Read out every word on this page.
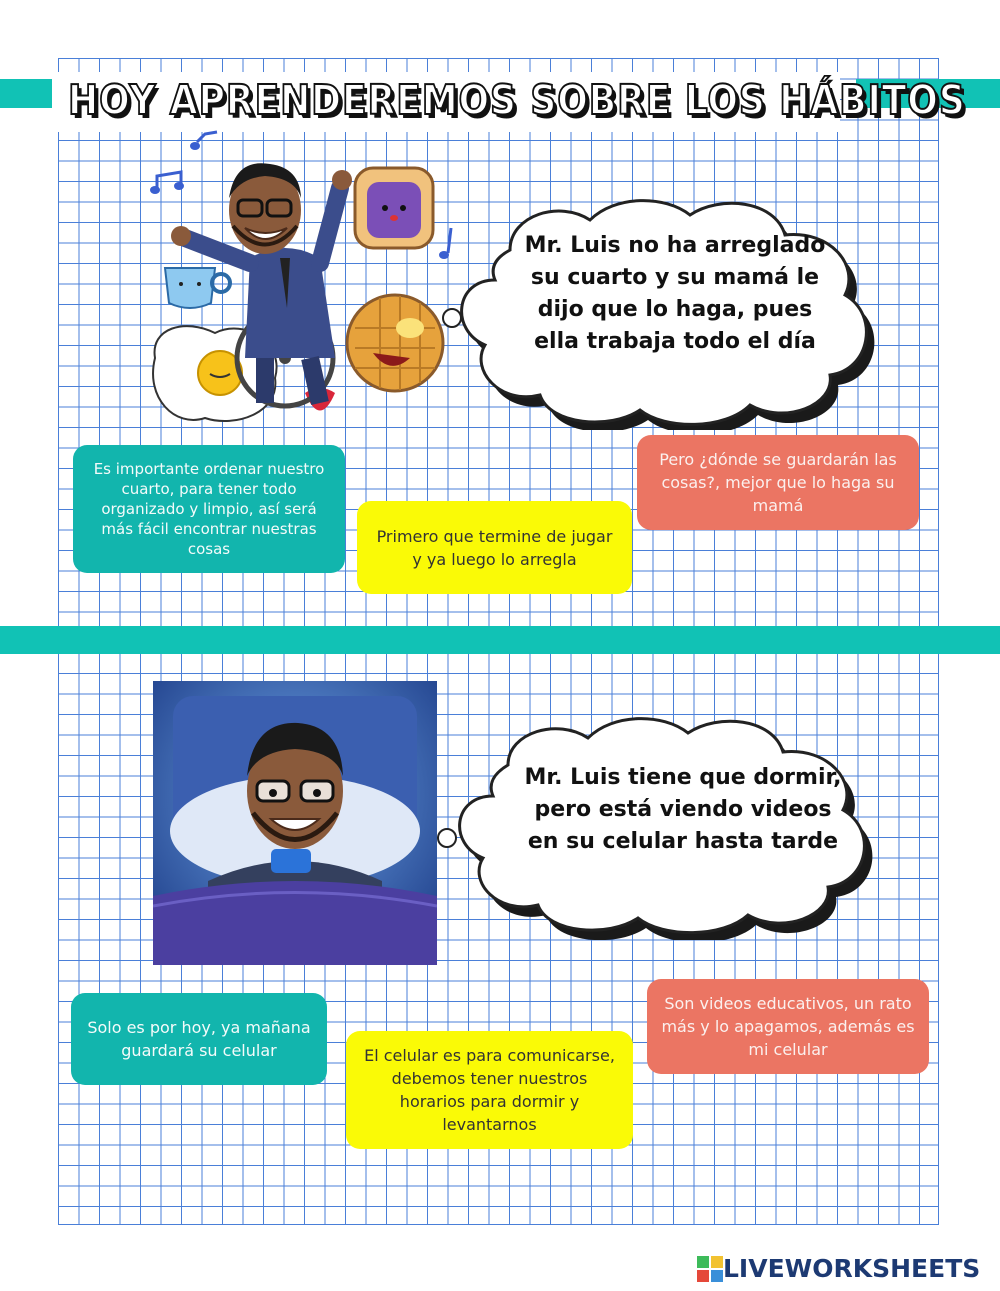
HOY APRENDEREMOS SOBRE LOS HÁBITOS
Mr. Luis no ha arreglado
su cuarto y su mamá le
dijo que lo haga, pues
ella trabaja todo el día
Es importante ordenar nuestro cuarto, para tener todo organizado y limpio, así será más fácil encontrar nuestras cosas
Primero que termine de jugar y ya luego lo arregla
Pero ¿dónde se guardarán las cosas?, mejor que lo haga su mamá
Mr. Luis tiene que dormir,
pero está viendo videos
en su celular hasta tarde
Solo es por hoy, ya mañana guardará su celular	El celular es para comunicarse, debemos tener nuestros horarios para dormir y levantarnos
Son videos educativos, un rato más y lo apagamos, además es mi celular
LIVEWORKSHEETS
